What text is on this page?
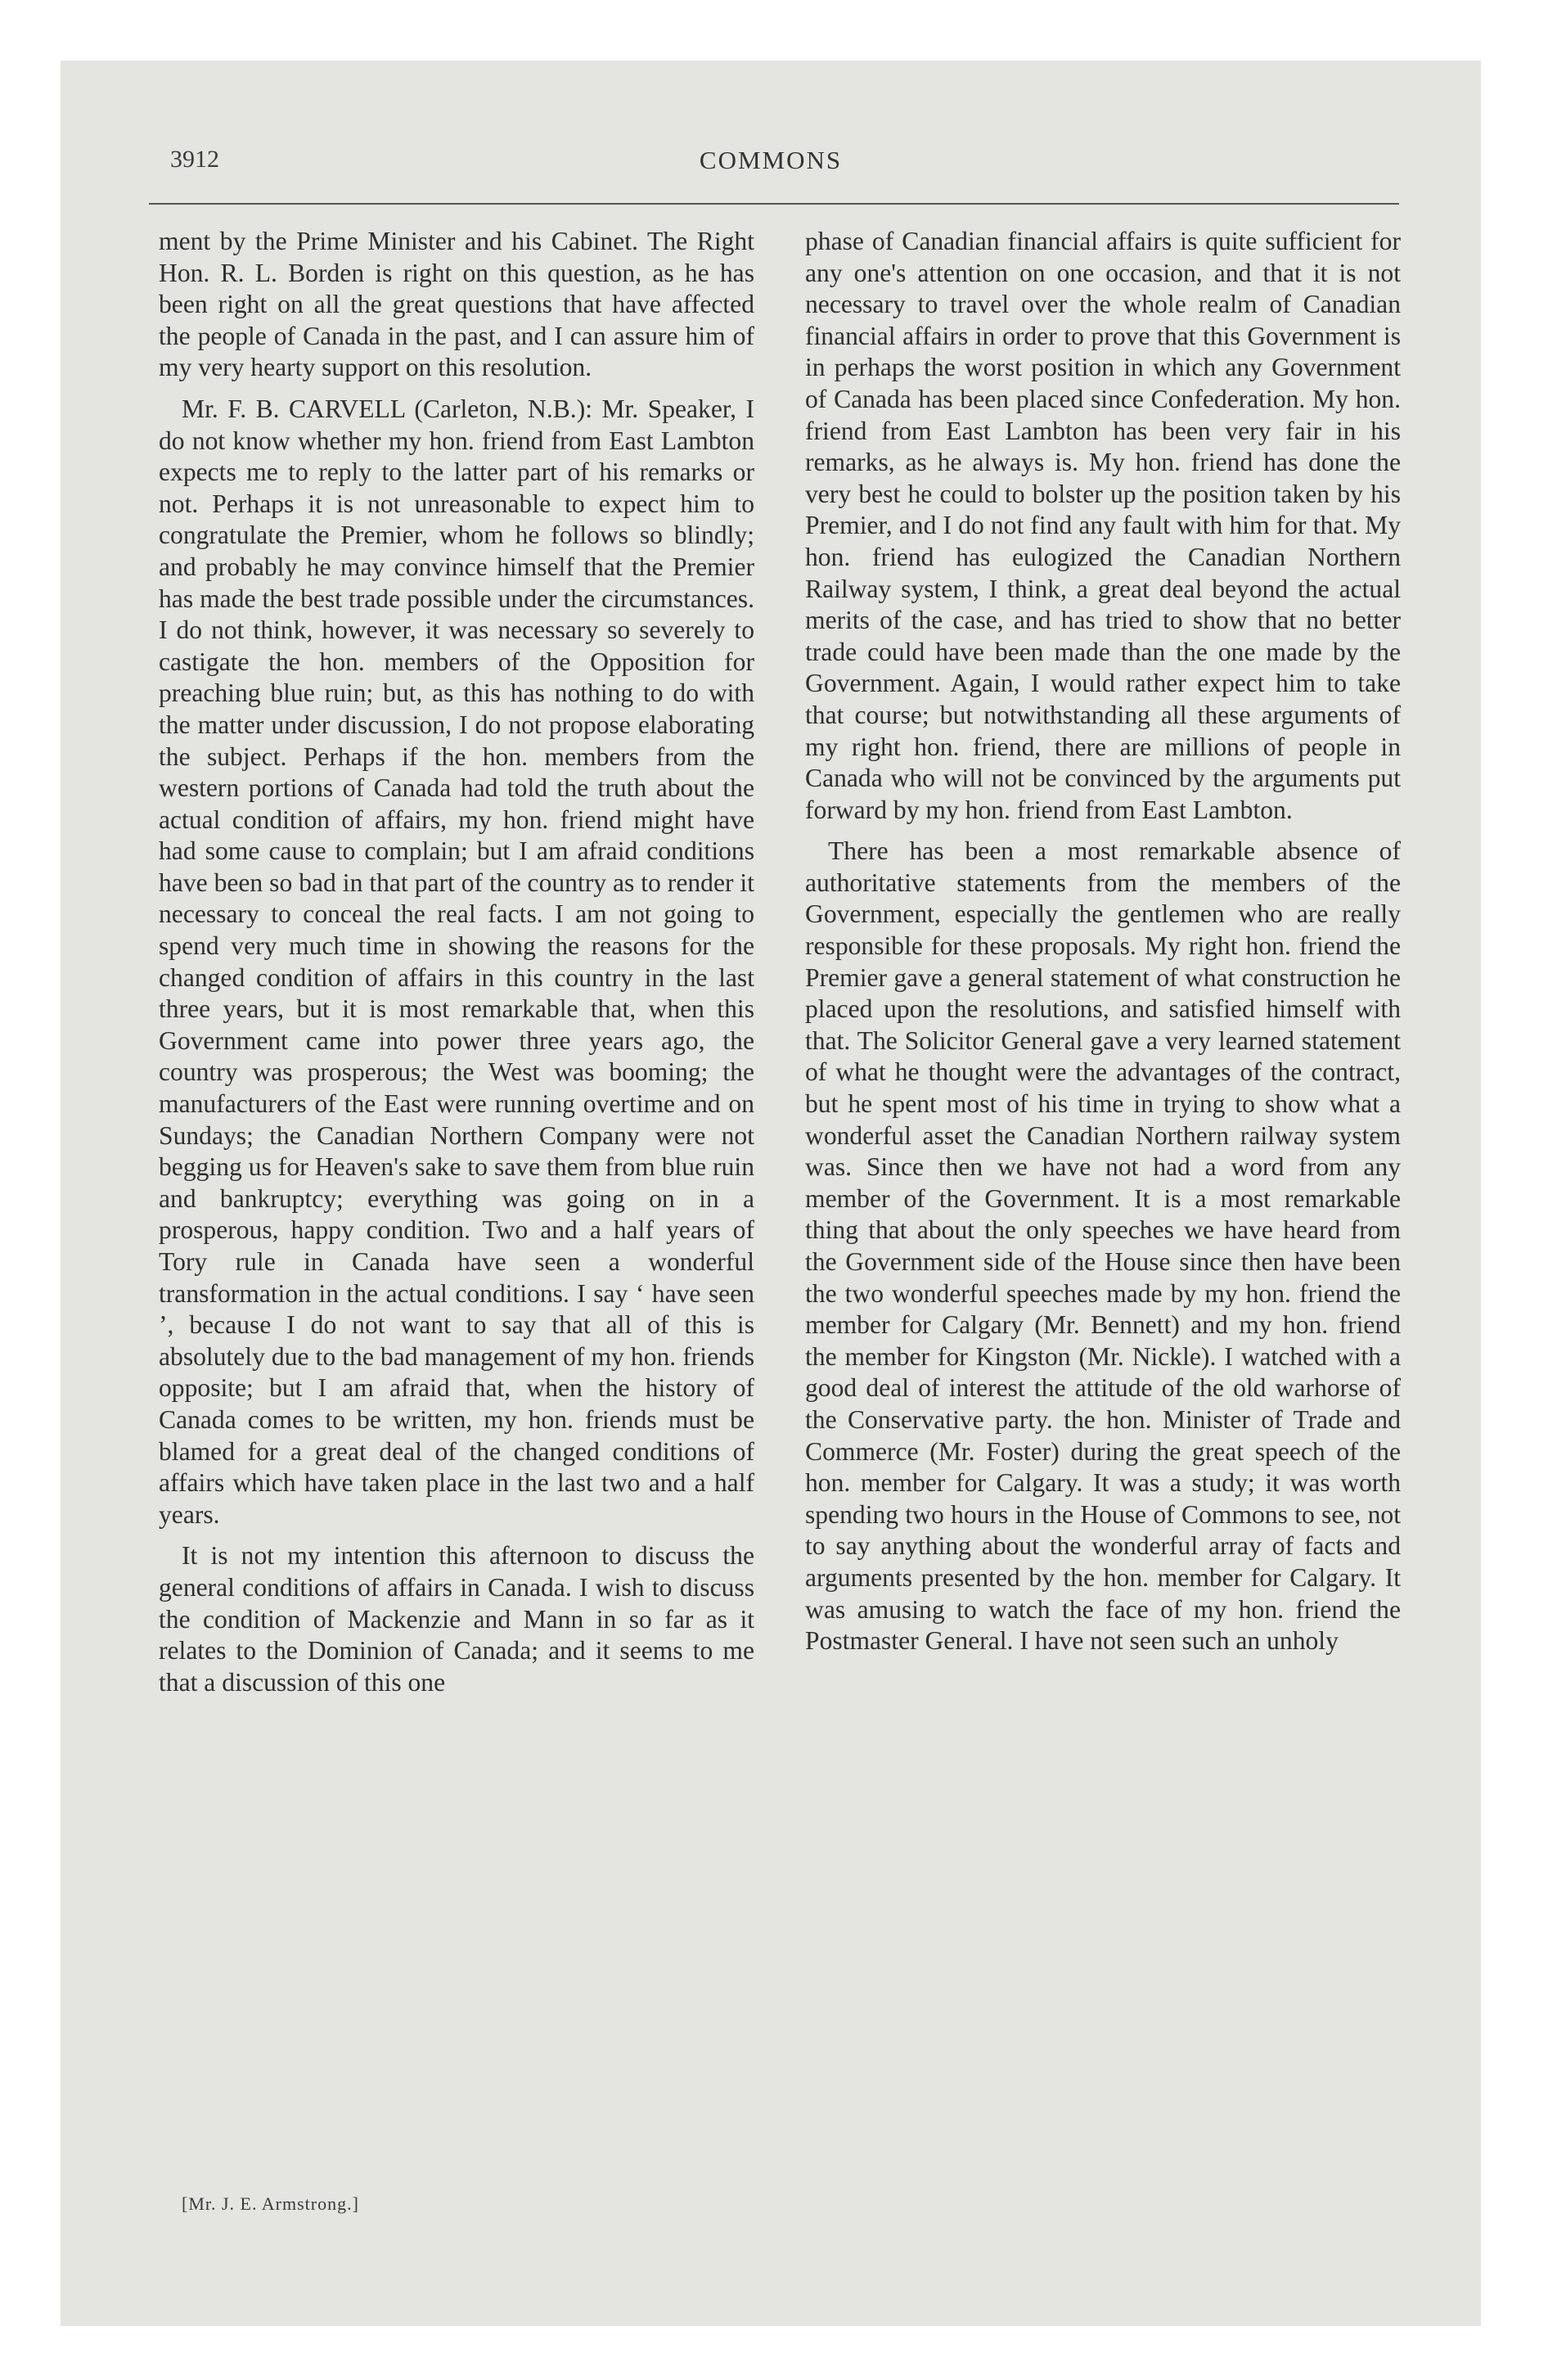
3912	COMMONS

ment by the Prime Minister and his Cabinet. The Right Hon. R. L. Borden is right on this question, as he has been right on all the great questions that have affected the people of Canada in the past, and I can assure him of my very hearty support on this resolution.

Mr. F. B. CARVELL (Carleton, N.B.): Mr. Speaker, I do not know whether my hon. friend from East Lambton expects me to reply to the latter part of his remarks or not. Perhaps it is not unreasonable to expect him to congratulate the Premier, whom he follows so blindly; and probably he may convince himself that the Premier has made the best trade possible under the circumstances. I do not think, however, it was necessary so severely to castigate the hon. members of the Opposition for preaching blue ruin; but, as this has nothing to do with the matter under discussion, I do not propose elaborating the subject. Perhaps if the hon. members from the western portions of Canada had told the truth about the actual condition of affairs, my hon. friend might have had some cause to complain; but I am afraid conditions have been so bad in that part of the country as to render it necessary to conceal the real facts. I am not going to spend very much time in showing the reasons for the changed condition of affairs in this country in the last three years, but it is most remarkable that, when this Government came into power three years ago, the country was prosperous; the West was booming; the manufacturers of the East were running overtime and on Sundays; the Canadian Northern Company were not begging us for Heaven's sake to save them from blue ruin and bankruptcy; everything was going on in a prosperous, happy condition. Two and a half years of Tory rule in Canada have seen a wonderful transformation in the actual conditions. I say ‘ have seen ’, because I do not want to say that all of this is absolutely due to the bad management of my hon. friends opposite; but I am afraid that, when the history of Canada comes to be written, my hon. friends must be blamed for a great deal of the changed conditions of affairs which have taken place in the last two and a half years.

It is not my intention this afternoon to discuss the general conditions of affairs in Canada. I wish to discuss the condition of Mackenzie and Mann in so far as it relates to the Dominion of Canada; and it seems to me that a discussion of this one

phase of Canadian financial affairs is quite sufficient for any one's attention on one occasion, and that it is not necessary to travel over the whole realm of Canadian financial affairs in order to prove that this Government is in perhaps the worst position in which any Government of Canada has been placed since Confederation. My hon. friend from East Lambton has been very fair in his remarks, as he always is. My hon. friend has done the very best he could to bolster up the position taken by his Premier, and I do not find any fault with him for that. My hon. friend has eulogized the Canadian Northern Railway system, I think, a great deal beyond the actual merits of the case, and has tried to show that no better trade could have been made than the one made by the Government. Again, I would rather expect him to take that course; but notwithstanding all these arguments of my right hon. friend, there are millions of people in Canada who will not be convinced by the arguments put forward by my hon. friend from East Lambton.

There has been a most remarkable absence of authoritative statements from the members of the Government, especially the gentlemen who are really responsible for these proposals. My right hon. friend the Premier gave a general statement of what construction he placed upon the resolutions, and satisfied himself with that. The Solicitor General gave a very learned statement of what he thought were the advantages of the contract, but he spent most of his time in trying to show what a wonderful asset the Canadian Northern railway system was. Since then we have not had a word from any member of the Government. It is a most remarkable thing that about the only speeches we have heard from the Government side of the House since then have been the two wonderful speeches made by my hon. friend the member for Calgary (Mr. Bennett) and my hon. friend the member for Kingston (Mr. Nickle). I watched with a good deal of interest the attitude of the old warhorse of the Conservative party. the hon. Minister of Trade and Commerce (Mr. Foster) during the great speech of the hon. member for Calgary. It was a study; it was worth spending two hours in the House of Commons to see, not to say anything about the wonderful array of facts and arguments presented by the hon. member for Calgary. It was amusing to watch the face of my hon. friend the Postmaster General. I have not seen such an unholy

[Mr. J. E. Armstrong.]
